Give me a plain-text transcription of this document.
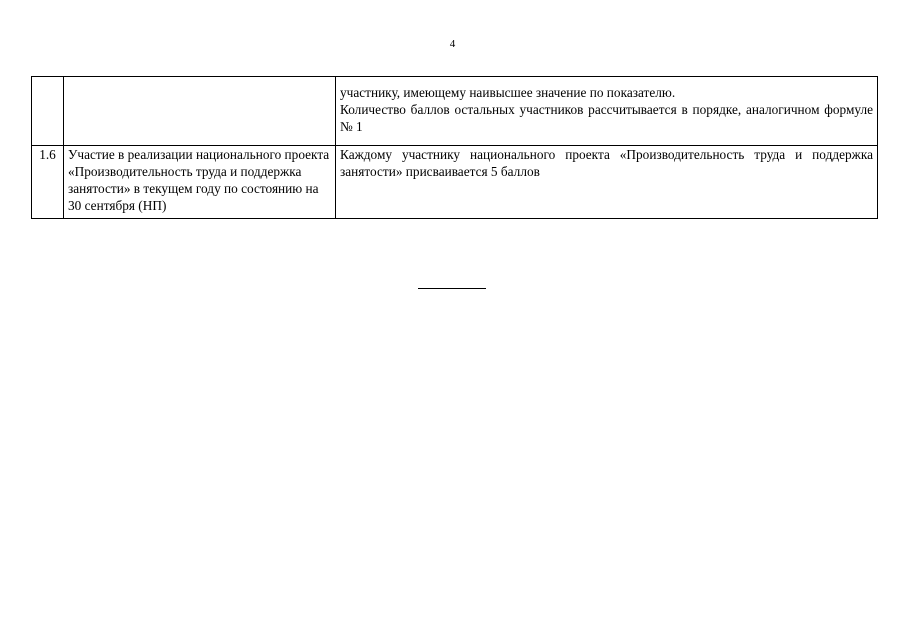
4

		участнику, имеющему наивысшее значение по показателю.
Количество баллов остальных участников рассчитывается в порядке, аналогичном формуле № 1

1.6	Участие в реализации национального проекта «Производительность труда и поддержка занятости» в текущем году по состоянию на 30 сентября (НП)	Каждому участнику национального проекта «Производительность труда и поддержка занятости» присваивается 5 баллов
